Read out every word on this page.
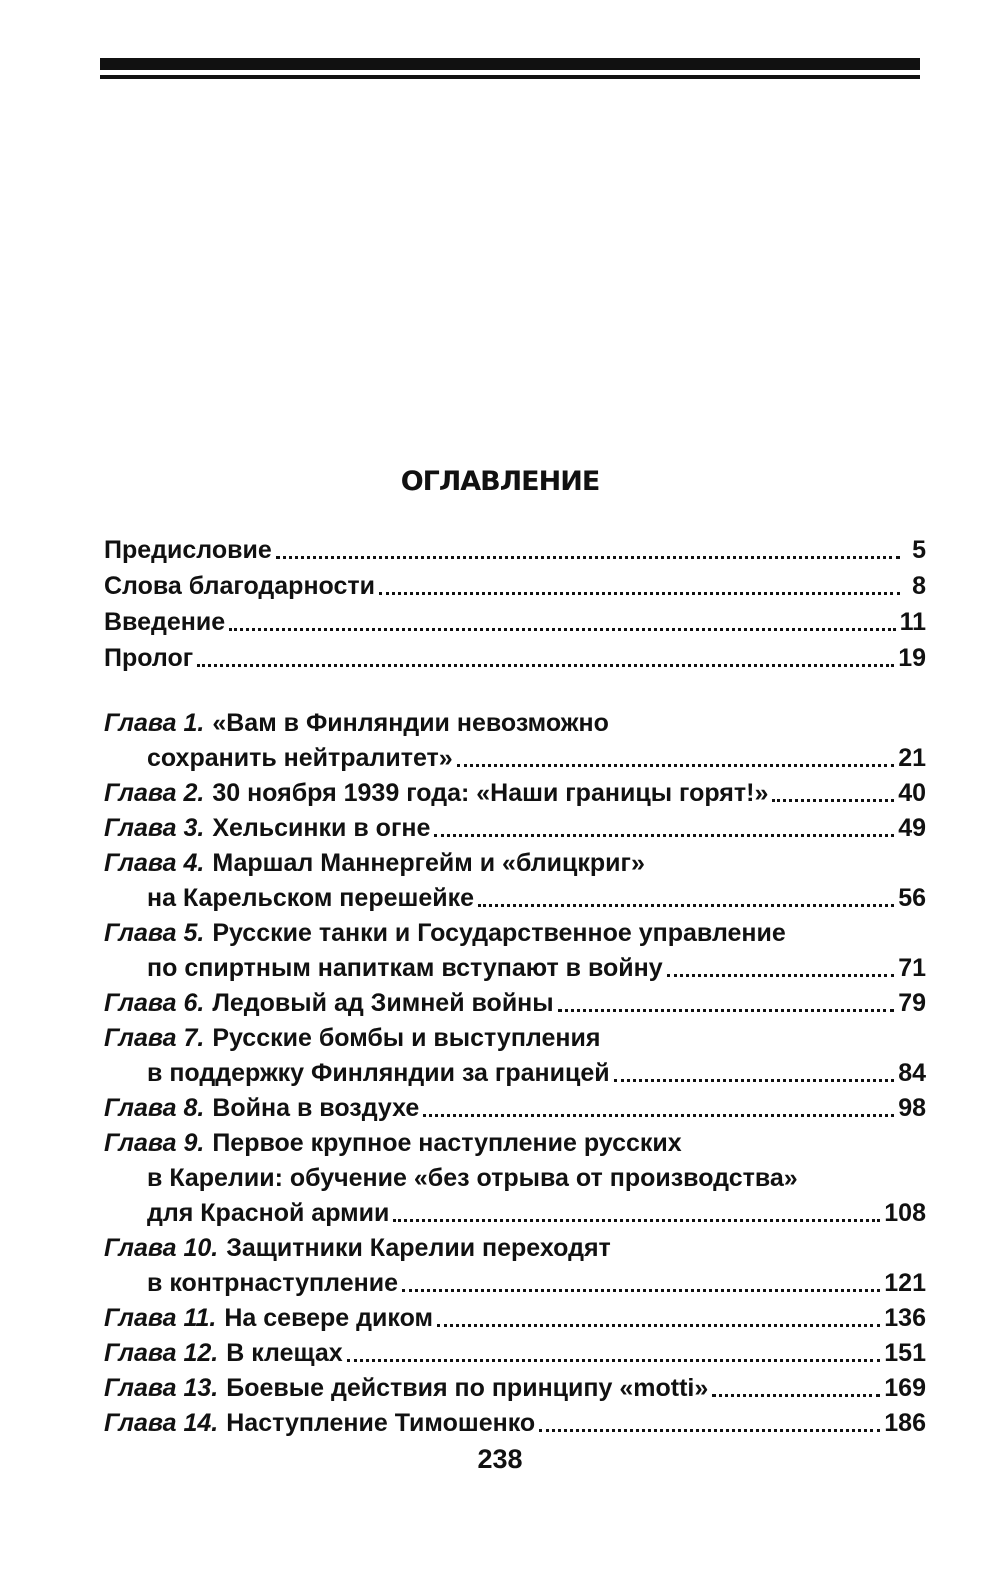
ОГЛАВЛЕНИЕ
Предисловие	5
Слова благодарности	8
Введение	11
Пролог	19
Глава 1. «Вам в Финляндии невозможно
сохранить нейтралитет»	21
Глава 2. 30 ноября 1939 года: «Наши границы горят!»	40
Глава 3. Хельсинки в огне	49
Глава 4. Маршал Маннергейм и «блицкриг»
на Карельском перешейке	56
Глава 5. Русские танки и Государственное управление
по спиртным напиткам вступают в войну	71
Глава 6. Ледовый ад Зимней войны	79
Глава 7. Русские бомбы и выступления
в поддержку Финляндии за границей	84
Глава 8. Война в воздухе	98
Глава 9. Первое крупное наступление русских
в Карелии: обучение «без отрыва от производства»
для Красной армии	108
Глава 10. Защитники Карелии переходят
в контрнаступление	121
Глава 11. На севере диком	136
Глава 12. В клещах	151
Глава 13. Боевые действия по принципу «motti»	169
Глава 14. Наступление Тимошенко	186
238
